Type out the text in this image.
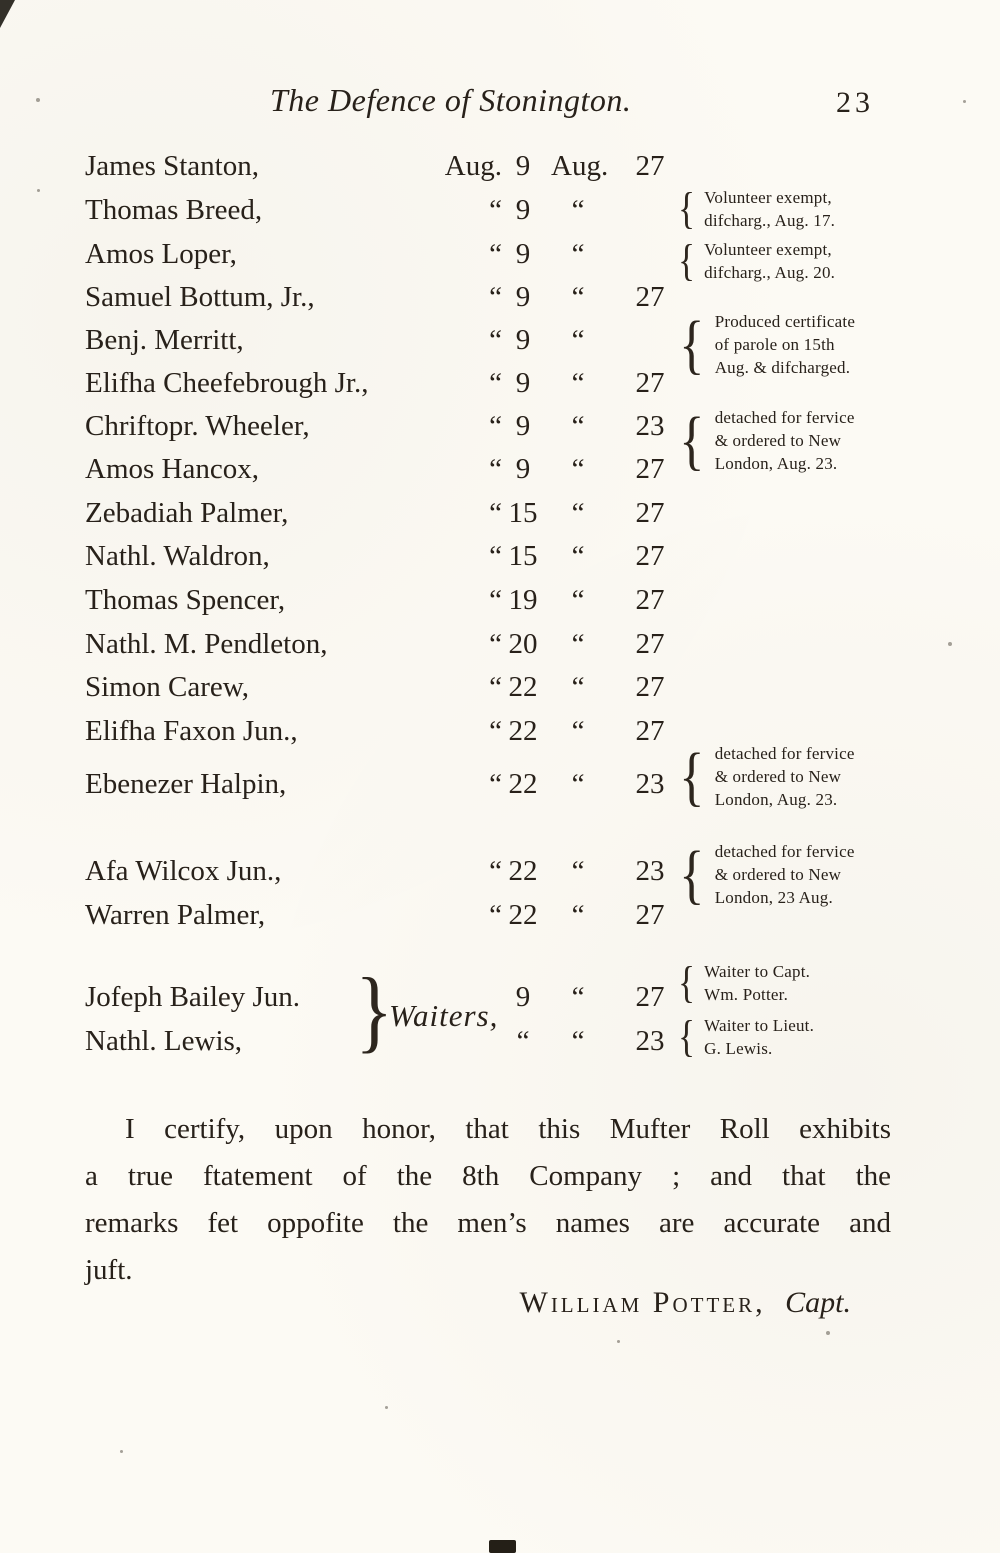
The Defence of Stonington.	23
James Stanton,	Aug. 9 Aug. 27
Thomas Breed,	“ 9	“
Amos Loper,	“ 9	“
Samuel Bottum, Jr.,	“ 9	“	27
Benj. Merritt,	“ 9	“
Elifha Cheefebrough Jr.,	“ 9	“	27
Chriftopr. Wheeler,	“ 9	“	23
Amos Hancox,	“ 9	“	27
Zebadiah Palmer,	“ 15	“	27
Nathl. Waldron,	“ 15	“	27
Thomas Spencer,	“ 19	“	27
Nathl. M. Pendleton,	“ 20	“	27
Simon Carew,	“ 22	“	27
Elifha Faxon Jun.,	“ 22	“	27
Ebenezer Halpin,	“ 22	“	23
Afa Wilcox Jun.,	“ 22	“	23
Warren Palmer,	“ 22	“	27
Jofeph Bailey Jun.	9	“	27
Nathl. Lewis,	“	“	23
}
Waiters,
{ Volunteer exempt,
difcharg., Aug. 17.
{ Volunteer exempt,
difcharg., Aug. 20.
{ Produced certificate
of parole on 15th
Aug. & difcharged.
{ detached for fervice
& ordered to New
London, Aug. 23.
{ detached for fervice
& ordered to New
London, Aug. 23.
{ detached for fervice
& ordered to New
London, 23 Aug.
{ Waiter to Capt.
Wm. Potter.
{ Waiter to Lieut.
G. Lewis.
I certify, upon honor, that this Mufter Roll exhibits
a true ftatement of the 8th Company ; and that the
remarks fet oppofite the men’s names are accurate and
juft.
William Potter, Capt.
